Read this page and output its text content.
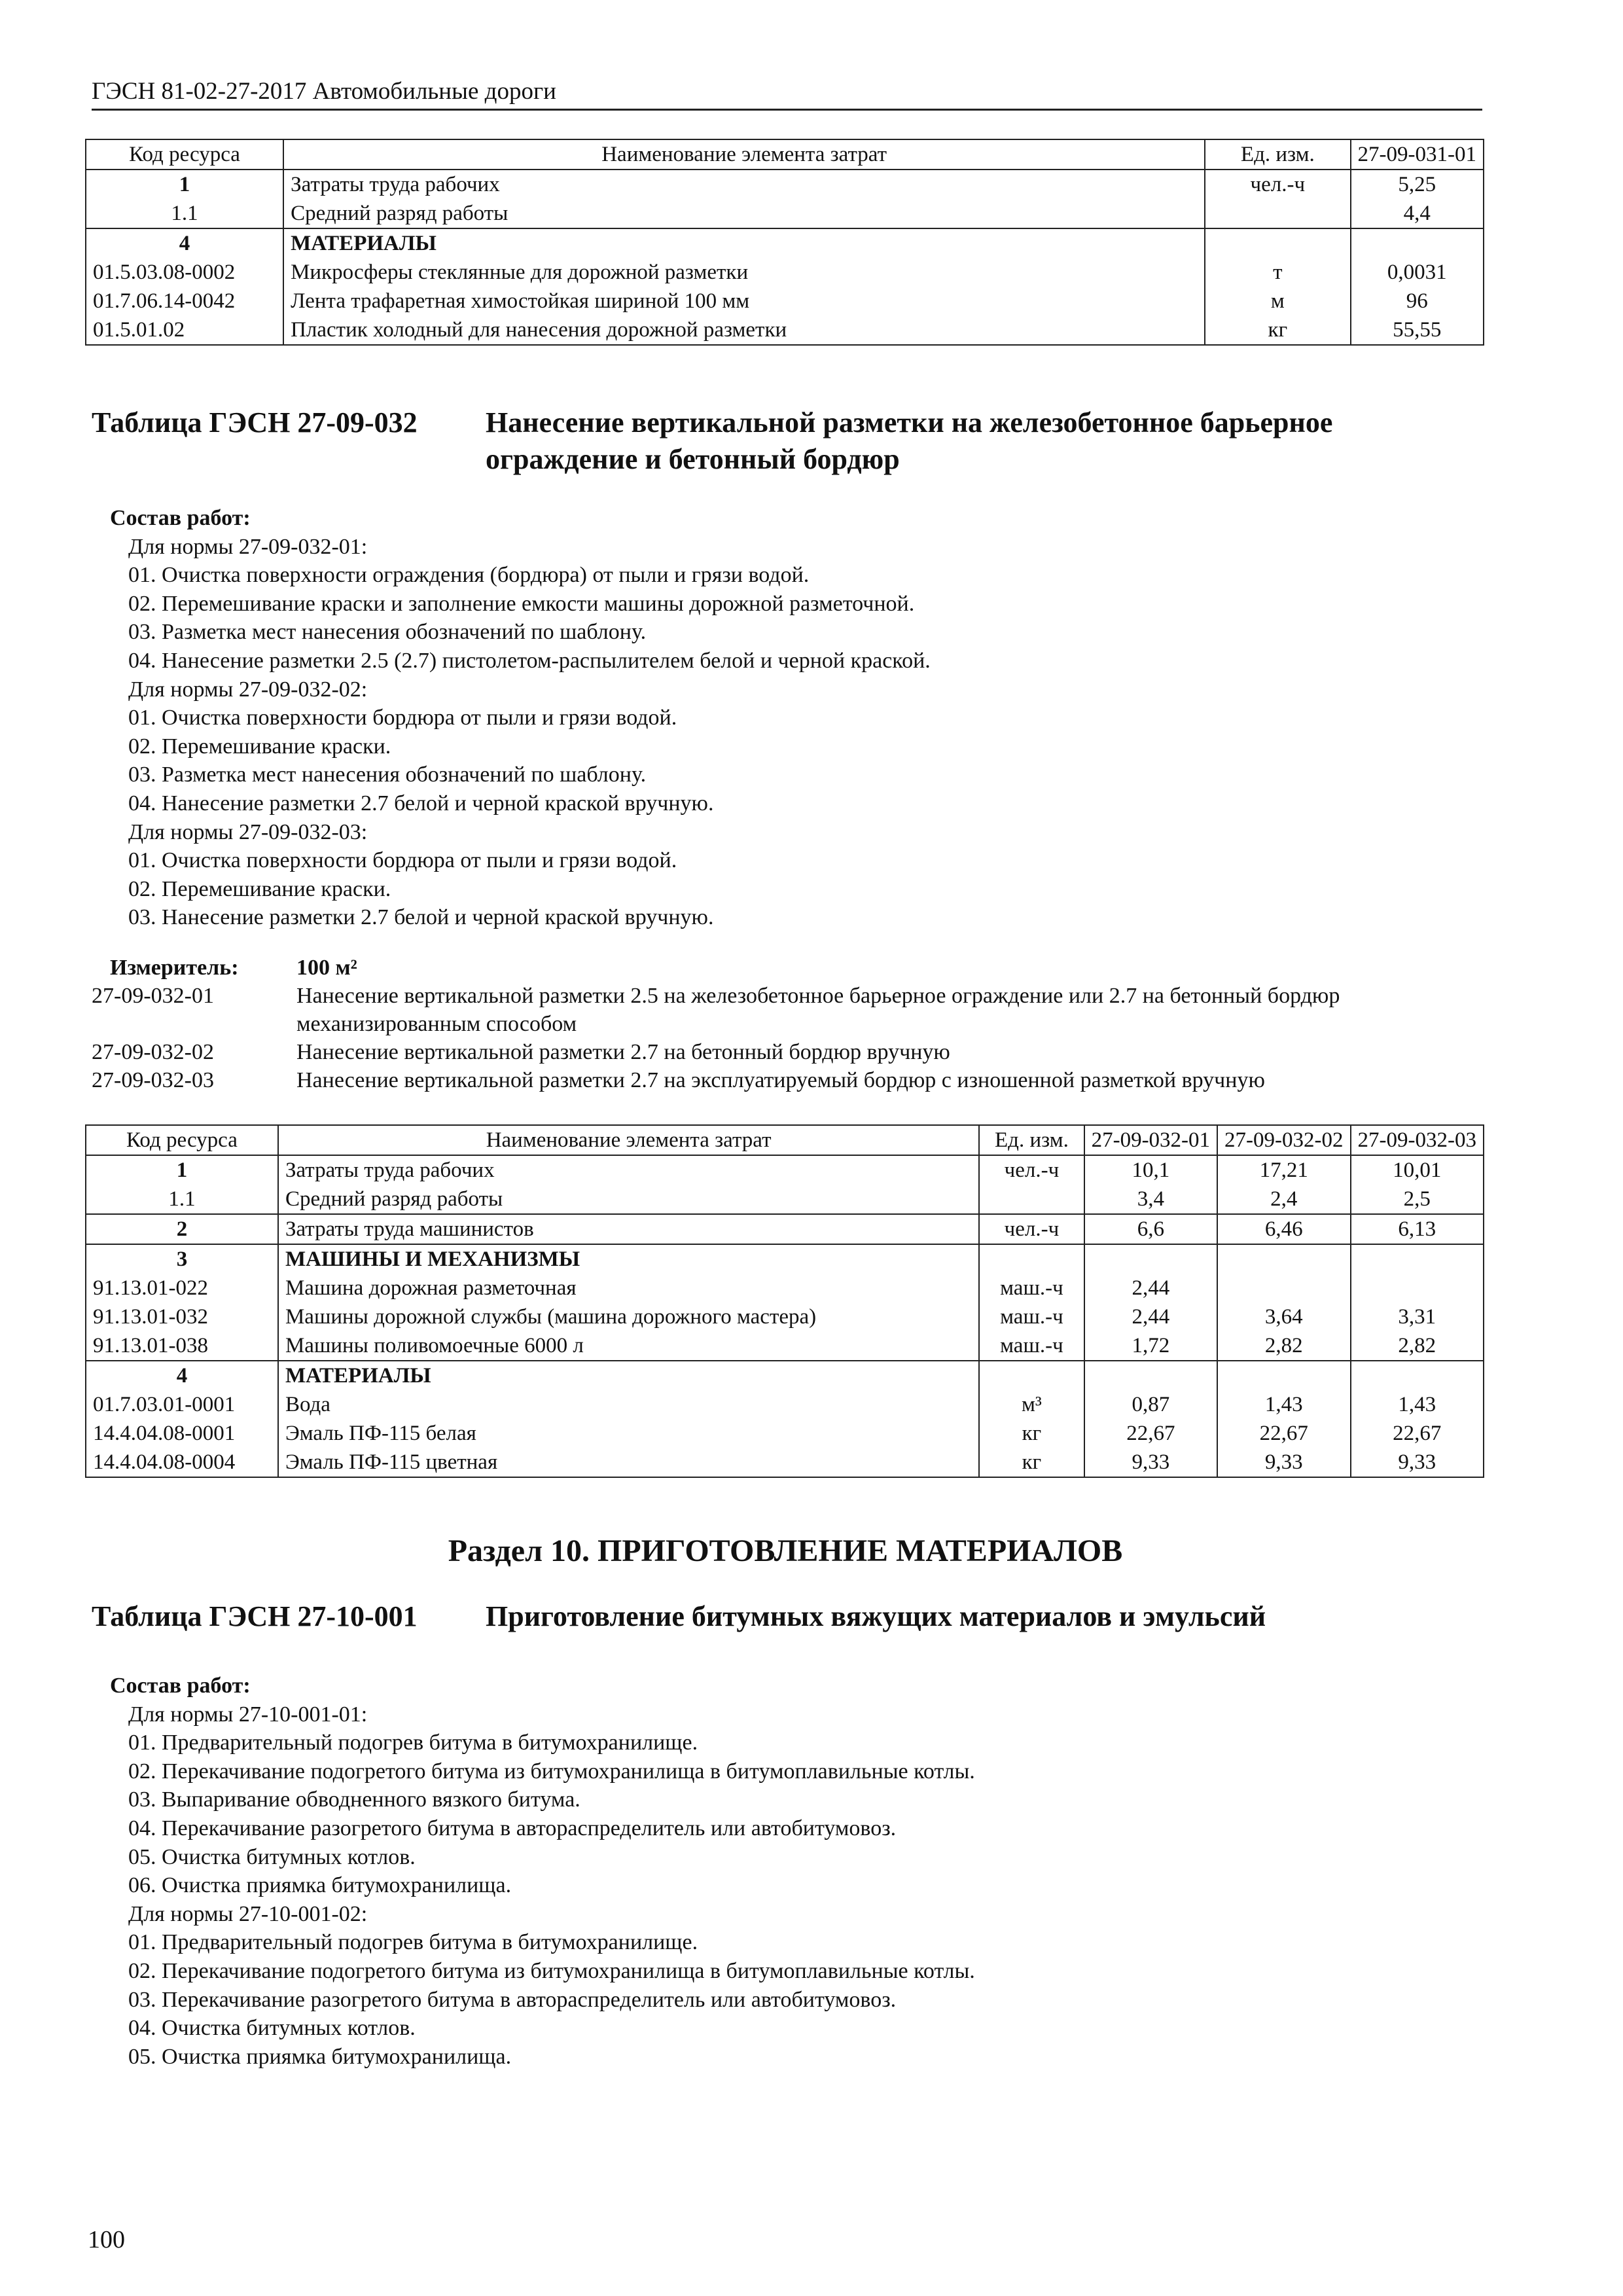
ГЭСН 81-02-27-2017 Автомобильные дороги
Код ресурса	Наименование элемента затрат	Ед. изм.	27-09-031-01
1	Затраты труда рабочих	чел.-ч	5,25
1.1	Средний разряд работы		4,4
4	МАТЕРИАЛЫ		
01.5.03.08-0002	Микросферы стеклянные для дорожной разметки	т	0,0031
01.7.06.14-0042	Лента трафаретная химостойкая шириной 100 мм	м	96
01.5.01.02	Пластик холодный для нанесения дорожной разметки	кг	55,55
Таблица ГЭСН 27-09-032 Нанесение вертикальной разметки на железобетонное барьерное ограждение и бетонный бордюр
Состав работ:
Для нормы 27-09-032-01:
01. Очистка поверхности ограждения (бордюра) от пыли и грязи водой.
02. Перемешивание краски и заполнение емкости машины дорожной разметочной.
03. Разметка мест нанесения обозначений по шаблону.
04. Нанесение разметки 2.5 (2.7) пистолетом-распылителем белой и черной краской.
Для нормы 27-09-032-02:
01. Очистка поверхности бордюра от пыли и грязи водой.
02. Перемешивание краски.
03. Разметка мест нанесения обозначений по шаблону.
04. Нанесение разметки 2.7 белой и черной краской вручную.
Для нормы 27-09-032-03:
01. Очистка поверхности бордюра от пыли и грязи водой.
02. Перемешивание краски.
03. Нанесение разметки 2.7 белой и черной краской вручную.
Измеритель:	100 м²
27-09-032-01	Нанесение вертикальной разметки 2.5 на железобетонное барьерное ограждение или 2.7 на бетонный бордюр механизированным способом
27-09-032-02	Нанесение вертикальной разметки 2.7 на бетонный бордюр вручную
27-09-032-03	Нанесение вертикальной разметки 2.7 на эксплуатируемый бордюр с изношенной разметкой вручную
Код ресурса	Наименование элемента затрат	Ед. изм.	27-09-032-01	27-09-032-02	27-09-032-03
1	Затраты труда рабочих	чел.-ч	10,1	17,21	10,01
1.1	Средний разряд работы		3,4	2,4	2,5
2	Затраты труда машинистов	чел.-ч	6,6	6,46	6,13
3	МАШИНЫ И МЕХАНИЗМЫ				
91.13.01-022	Машина дорожная разметочная	маш.-ч	2,44		
91.13.01-032	Машины дорожной службы (машина дорожного мастера)	маш.-ч	2,44	3,64	3,31
91.13.01-038	Машины поливомоечные 6000 л	маш.-ч	1,72	2,82	2,82
4	МАТЕРИАЛЫ				
01.7.03.01-0001	Вода	м³	0,87	1,43	1,43
14.4.04.08-0001	Эмаль ПФ-115 белая	кг	22,67	22,67	22,67
14.4.04.08-0004	Эмаль ПФ-115 цветная	кг	9,33	9,33	9,33
Раздел 10. ПРИГОТОВЛЕНИЕ МАТЕРИАЛОВ
Таблица ГЭСН 27-10-001 Приготовление битумных вяжущих материалов и эмульсий
Состав работ:
Для нормы 27-10-001-01:
01. Предварительный подогрев битума в битумохранилище.
02. Перекачивание подогретого битума из битумохранилища в битумоплавильные котлы.
03. Выпаривание обводненного вязкого битума.
04. Перекачивание разогретого битума в автораспределитель или автобитумовоз.
05. Очистка битумных котлов.
06. Очистка приямка битумохранилища.
Для нормы 27-10-001-02:
01. Предварительный подогрев битума в битумохранилище.
02. Перекачивание подогретого битума из битумохранилища в битумоплавильные котлы.
03. Перекачивание разогретого битума в автораспределитель или автобитумовоз.
04. Очистка битумных котлов.
05. Очистка приямка битумохранилища.
100
